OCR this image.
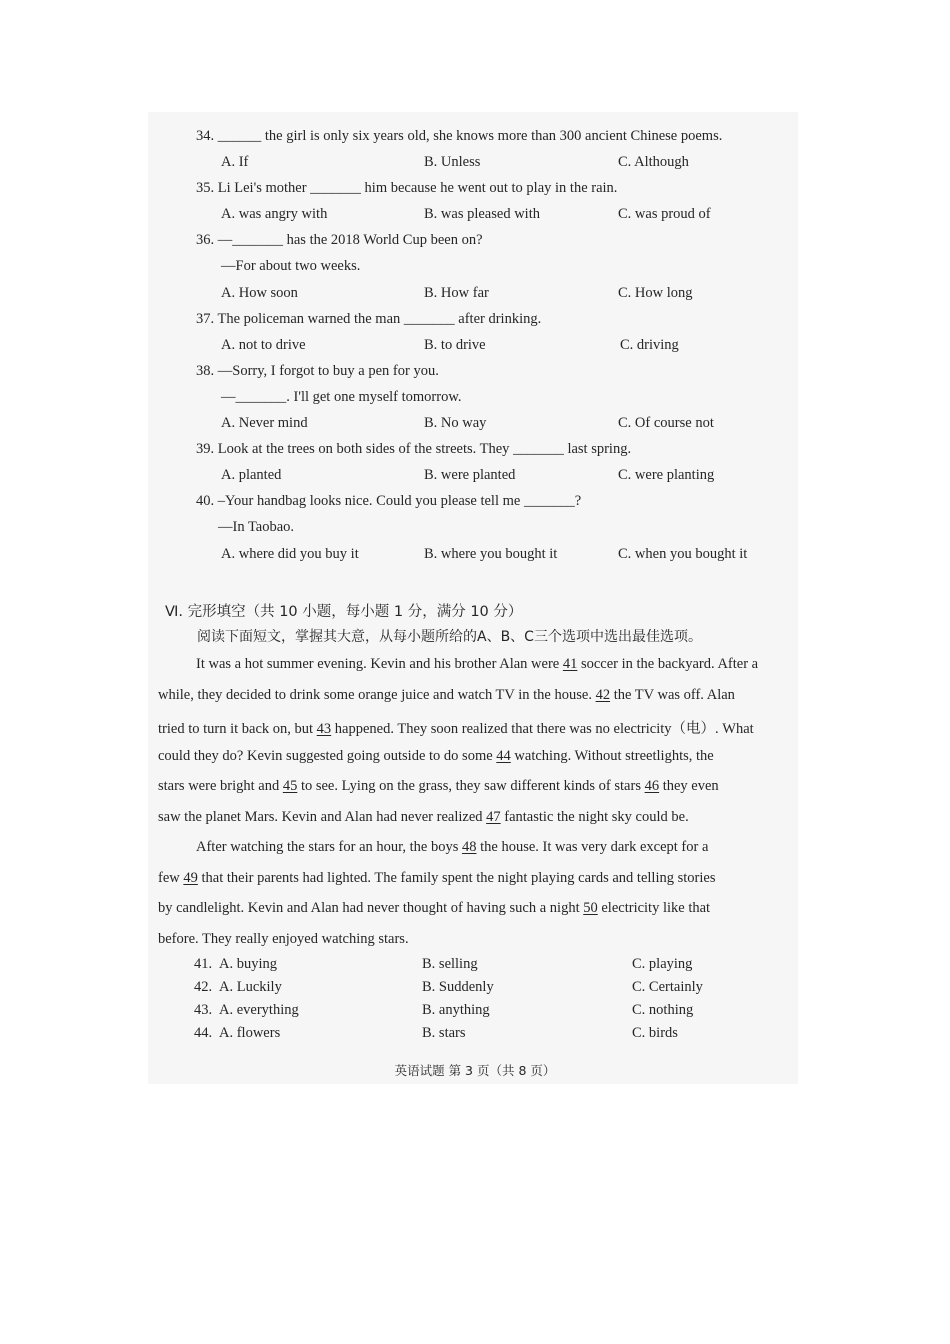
34. ______ the girl is only six years old, she knows more than 300 ancient Chinese poems.
A. If	B. Unless	C. Although
35. Li Lei's mother _______ him because he went out to play in the rain.
A. was angry with	B. was pleased with	C. was proud of
36. —_______ has the 2018 World Cup been on?
—For about two weeks.
A. How soon	B. How far	C. How long
37. The policeman warned the man _______ after drinking.
A. not to drive	B. to drive	C. driving
38. —Sorry, I forgot to buy a pen for you.
—_______. I'll get one myself tomorrow.
A. Never mind	B. No way	C. Of course not
39. Look at the trees on both sides of the streets. They _______ last spring.
A. planted	B. were planted	C. were planting
40. –Your handbag looks nice. Could you please tell me _______?
—In Taobao.
A. where did you buy it	B. where you bought it	C. when you bought it
Ⅵ. 完形填空（共 10 小题，每小题 1 分，满分 10 分）
阅读下面短文，掌握其大意，从每小题所给的A、B、C三个选项中选出最佳选项。
It was a hot summer evening. Kevin and his brother Alan were 41 soccer in the backyard. After a
while, they decided to drink some orange juice and watch TV in the house. 42 the TV was off. Alan
tried to turn it back on, but 43 happened. They soon realized that there was no electricity（电）. What
could they do? Kevin suggested going outside to do some 44 watching. Without streetlights, the
stars were bright and 45 to see. Lying on the grass, they saw different kinds of stars 46 they even
saw the planet Mars. Kevin and Alan had never realized 47 fantastic the night sky could be.
After watching the stars for an hour, the boys 48 the house. It was very dark except for a
few 49 that their parents had lighted. The family spent the night playing cards and telling stories
by candlelight. Kevin and Alan had never thought of having such a night 50 electricity like that
before. They really enjoyed watching stars.
41. A. buying	B. selling	C. playing
42. A. Luckily	B. Suddenly	C. Certainly
43. A. everything	B. anything	C. nothing
44. A. flowers	B. stars	C. birds
英语试题 第 3 页（共 8 页）
